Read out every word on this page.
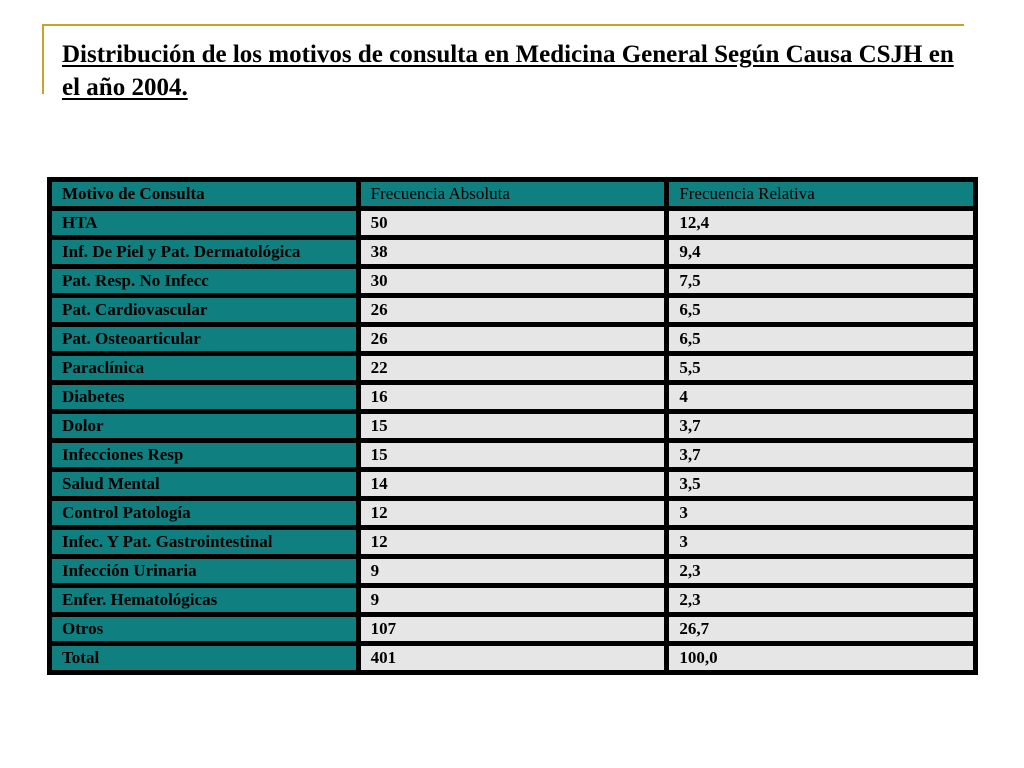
Distribución de los motivos de consulta en Medicina General Según Causa CSJH en el año 2004.
Motivo de Consulta	Frecuencia Absoluta	Frecuencia Relativa
HTA	50	12,4
Inf. De Piel y Pat. Dermatológica	38	9,4
Pat. Resp. No Infecc	30	7,5
Pat. Cardiovascular	26	6,5
Pat. Osteoarticular	26	6,5
Paraclínica	22	5,5
Diabetes	16	4
Dolor	15	3,7
Infecciones Resp	15	3,7
Salud Mental	14	3,5
Control Patología	12	3
Infec. Y Pat. Gastrointestinal	12	3
Infección Urinaria	9	2,3
Enfer. Hematológicas	9	2,3
Otros	107	26,7
Total	401	100,0
